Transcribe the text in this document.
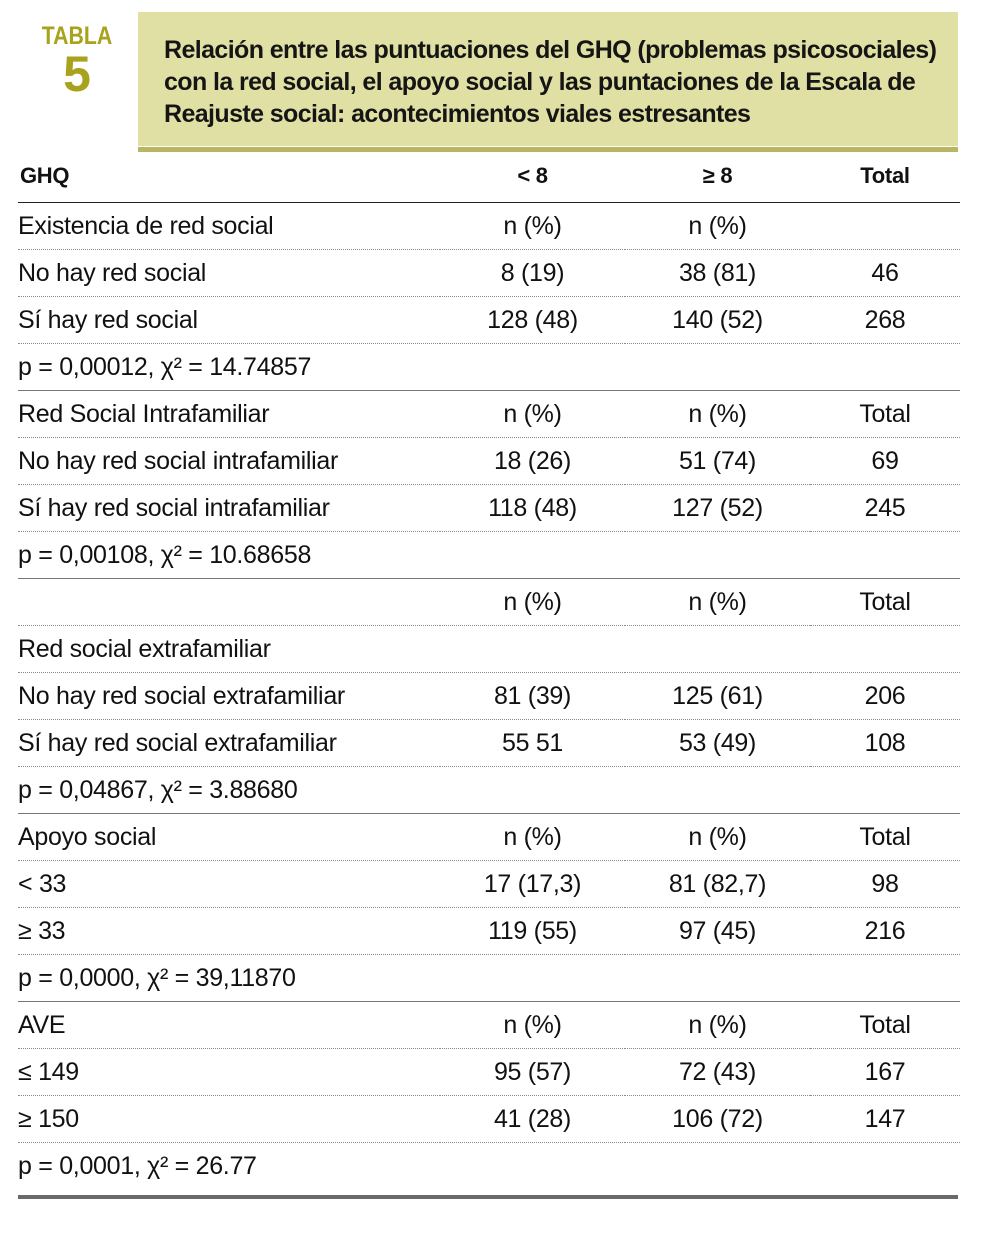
TABLA
5	Relación entre las puntuaciones del GHQ (problemas psicosociales) con la red social, el apoyo social y las puntaciones de la Escala de Reajuste social: acontecimientos viales estresantes
GHQ	< 8	≥ 8	Total
Existencia de red social	n (%)	n (%)	
No hay red social	8 (19)	38 (81)	46
Sí hay red social	128 (48)	140 (52)	268
p = 0,00012, χ² = 14.74857			
Red Social Intrafamiliar	n (%)	n (%)	Total
No hay red social intrafamiliar	18 (26)	51 (74)	69
Sí hay red social intrafamiliar	118 (48)	127 (52)	245
p = 0,00108, χ² = 10.68658			
	n (%)	n (%)	Total
Red social extrafamiliar			
No hay red social extrafamiliar	81 (39)	125 (61)	206
Sí hay red social extrafamiliar	55 51	53 (49)	108
p = 0,04867, χ² = 3.88680			
Apoyo social	n (%)	n (%)	Total
< 33	17 (17,3)	81 (82,7)	98
≥ 33	119 (55)	97 (45)	216
p = 0,0000, χ² = 39,11870			
AVE	n (%)	n (%)	Total
≤ 149	95 (57)	72 (43)	167
≥ 150	41 (28)	106 (72)	147
p = 0,0001, χ² = 26.77			
